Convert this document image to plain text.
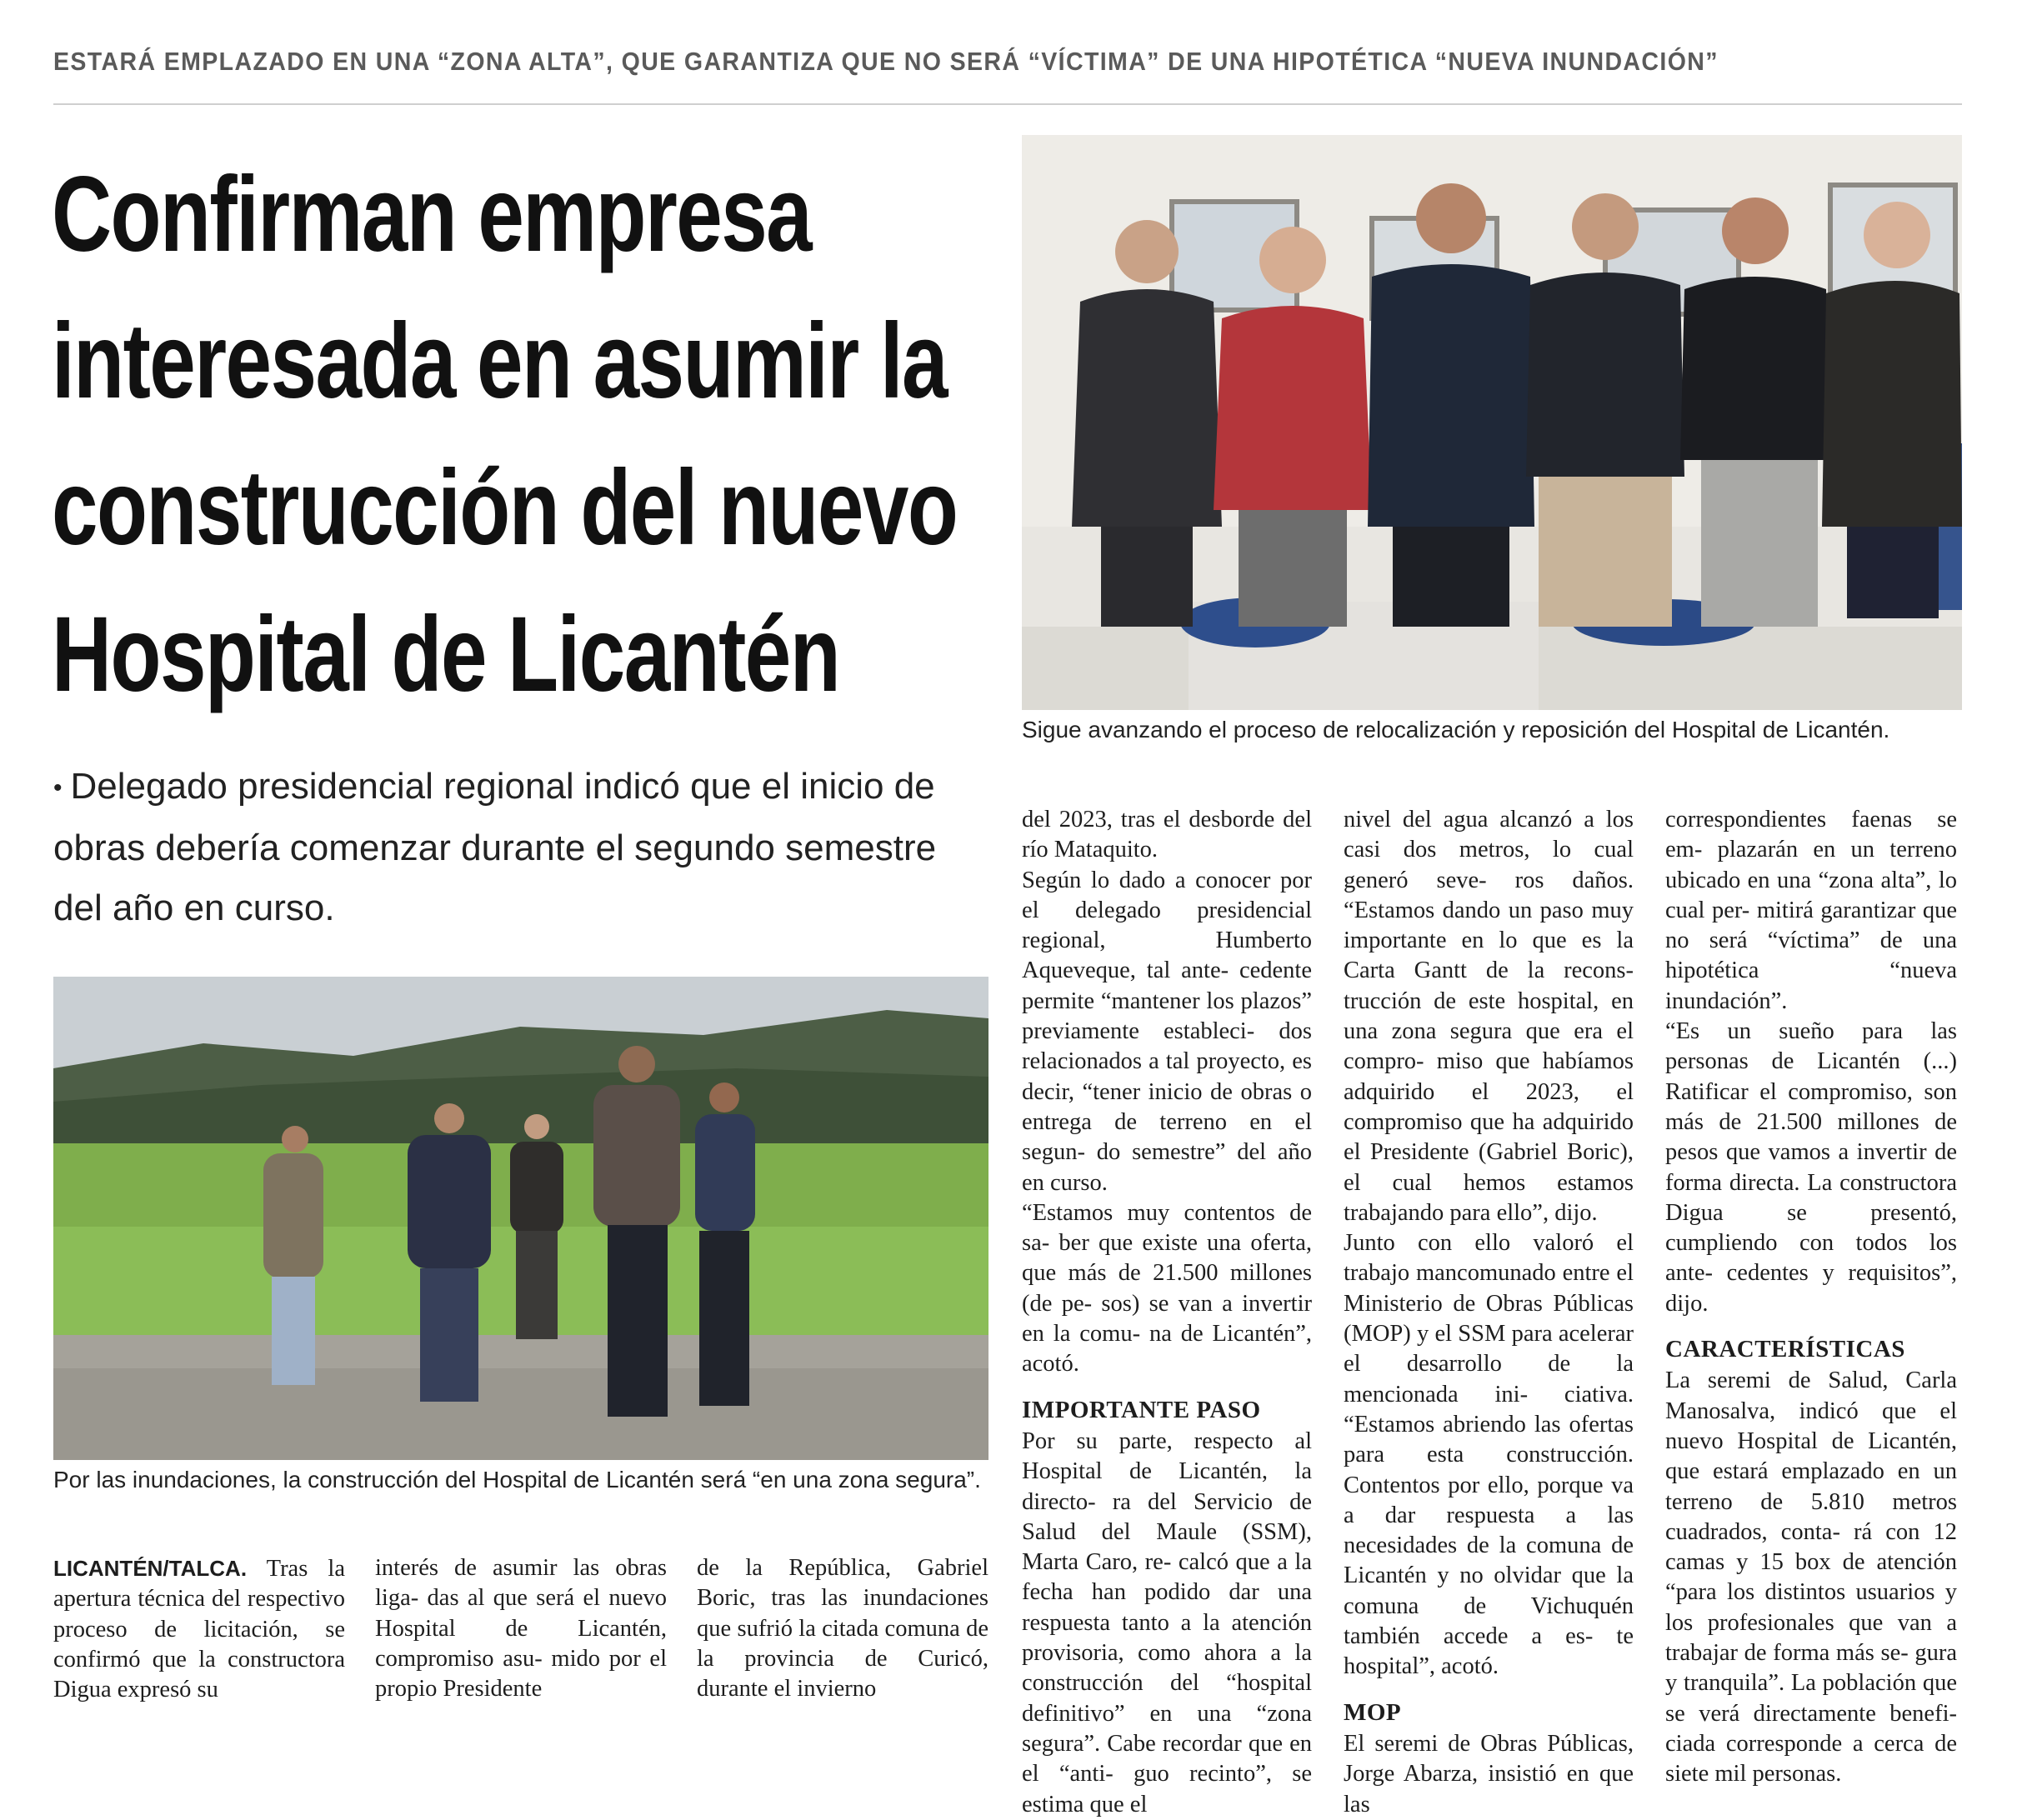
ESTARÁ EMPLAZADO EN UNA “ZONA ALTA”, QUE GARANTIZA QUE NO SERÁ “VÍCTIMA” DE UNA HIPOTÉTICA “NUEVA INUNDACIÓN”
Confirman empresa
interesada en asumir la
construcción del nuevo
Hospital de Licantén
• Delegado presidencial regional indicó que el inicio de obras debería comenzar durante el segundo semestre del año en curso.
Sigue avanzando el proceso de relocalización y reposición del Hospital de Licantén.
Por las inundaciones, la construcción del Hospital de Licantén será “en una zona segura”.

LICANTÉN/TALCA. Tras la apertura técnica del respectivo proceso de licitación, se confirmó que la constructora Digua expresó su

interés de asumir las obras liga- das al que será el nuevo Hospital de Licantén, compromiso asu- mido por el propio Presidente

de la República, Gabriel Boric, tras las inundaciones que sufrió la citada comuna de la provincia de Curicó, durante el invierno

del 2023, tras el desborde del río Mataquito.

Según lo dado a conocer por el delegado presidencial regional, Humberto Aqueveque, tal ante- cedente permite “mantener los plazos” previamente estableci- dos relacionados a tal proyecto, es decir, “tener inicio de obras o entrega de terreno en el segun- do semestre” del año en curso.

“Estamos muy contentos de sa- ber que existe una oferta, que más de 21.500 millones (de pe- sos) se van a invertir en la comu- na de Licantén”, acotó.

IMPORTANTE PASO

Por su parte, respecto al Hospital de Licantén, la directo- ra del Servicio de Salud del Maule (SSM), Marta Caro, re- calcó que a la fecha han podido dar una respuesta tanto a la atención provisoria, como ahora a la construcción del “hospital definitivo” en una “zona segura”. Cabe recordar que en el “anti- guo recinto”, se estima que el

nivel del agua alcanzó a los casi dos metros, lo cual generó seve- ros daños. “Estamos dando un paso muy importante en lo que es la Carta Gantt de la recons- trucción de este hospital, en una zona segura que era el compro- miso que habíamos adquirido el 2023, el compromiso que ha adquirido el Presidente (Gabriel Boric), el cual hemos estamos trabajando para ello”, dijo.

Junto con ello valoró el trabajo mancomunado entre el Ministerio de Obras Públicas (MOP) y el SSM para acelerar el desarrollo de la mencionada ini- ciativa. “Estamos abriendo las ofertas para esta construcción. Contentos por ello, porque va a dar respuesta a las necesidades de la comuna de Licantén y no olvidar que la comuna de Vichuquén también accede a es- te hospital”, acotó.

MOP

El seremi de Obras Públicas, Jorge Abarza, insistió en que las

correspondientes faenas se em- plazarán en un terreno ubicado en una “zona alta”, lo cual per- mitirá garantizar que no será “víctima” de una hipotética “nueva inundación”.

“Es un sueño para las personas de Licantén (...) Ratificar el compromiso, son más de 21.500 millones de pesos que vamos a invertir de forma directa. La constructora Digua se presentó, cumpliendo con todos los ante- cedentes y requisitos”, dijo.

CARACTERÍSTICAS

La seremi de Salud, Carla Manosalva, indicó que el nuevo Hospital de Licantén, que estará emplazado en un terreno de 5.810 metros cuadrados, conta- rá con 12 camas y 15 box de atención “para los distintos usuarios y los profesionales que van a trabajar de forma más se- gura y tranquila”. La población que se verá directamente benefi- ciada corresponde a cerca de siete mil personas.
